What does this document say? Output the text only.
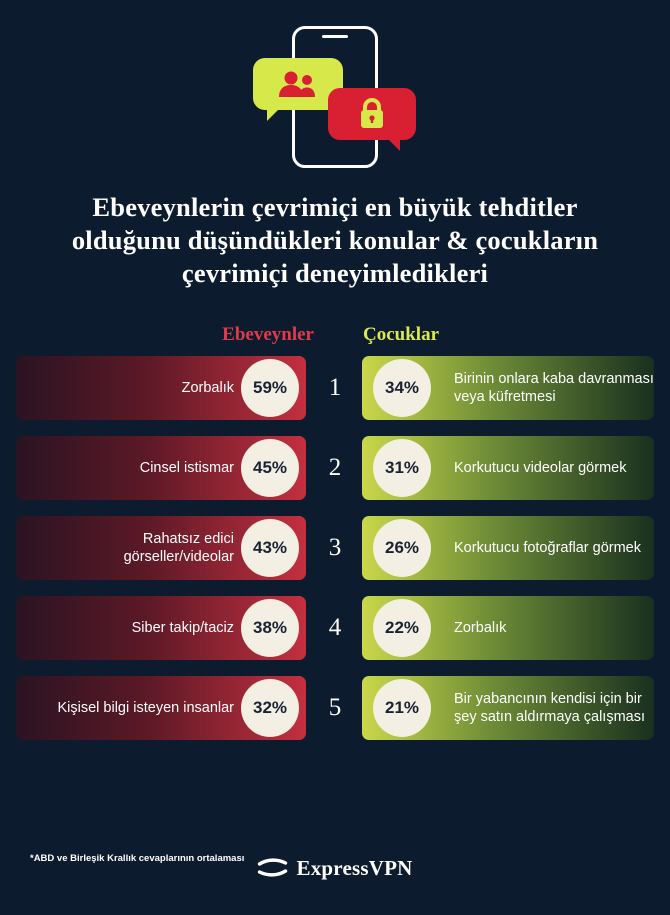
Ebeveynlerin çevrimiçi en büyük tehditler olduğunu düşündükleri konular & çocukların çevrimiçi deneyimledikleri
Ebeveynler	Çocuklar
Zorbalık	59%	1	34%	Birinin onlara kaba davranması veya küfretmesi
Cinsel istismar	45%	2	31%	Korkutucu videolar görmek
Rahatsız edici görseller/videolar	43%	3	26%	Korkutucu fotoğraflar görmek
Siber takip/taciz	38%	4	22%	Zorbalık
Kişisel bilgi isteyen insanlar	32%	5	21%	Bir yabancının kendisi için bir şey satın aldırmaya çalışması
*ABD ve Birleşik Krallık cevaplarının ortalaması ExpressVPN
